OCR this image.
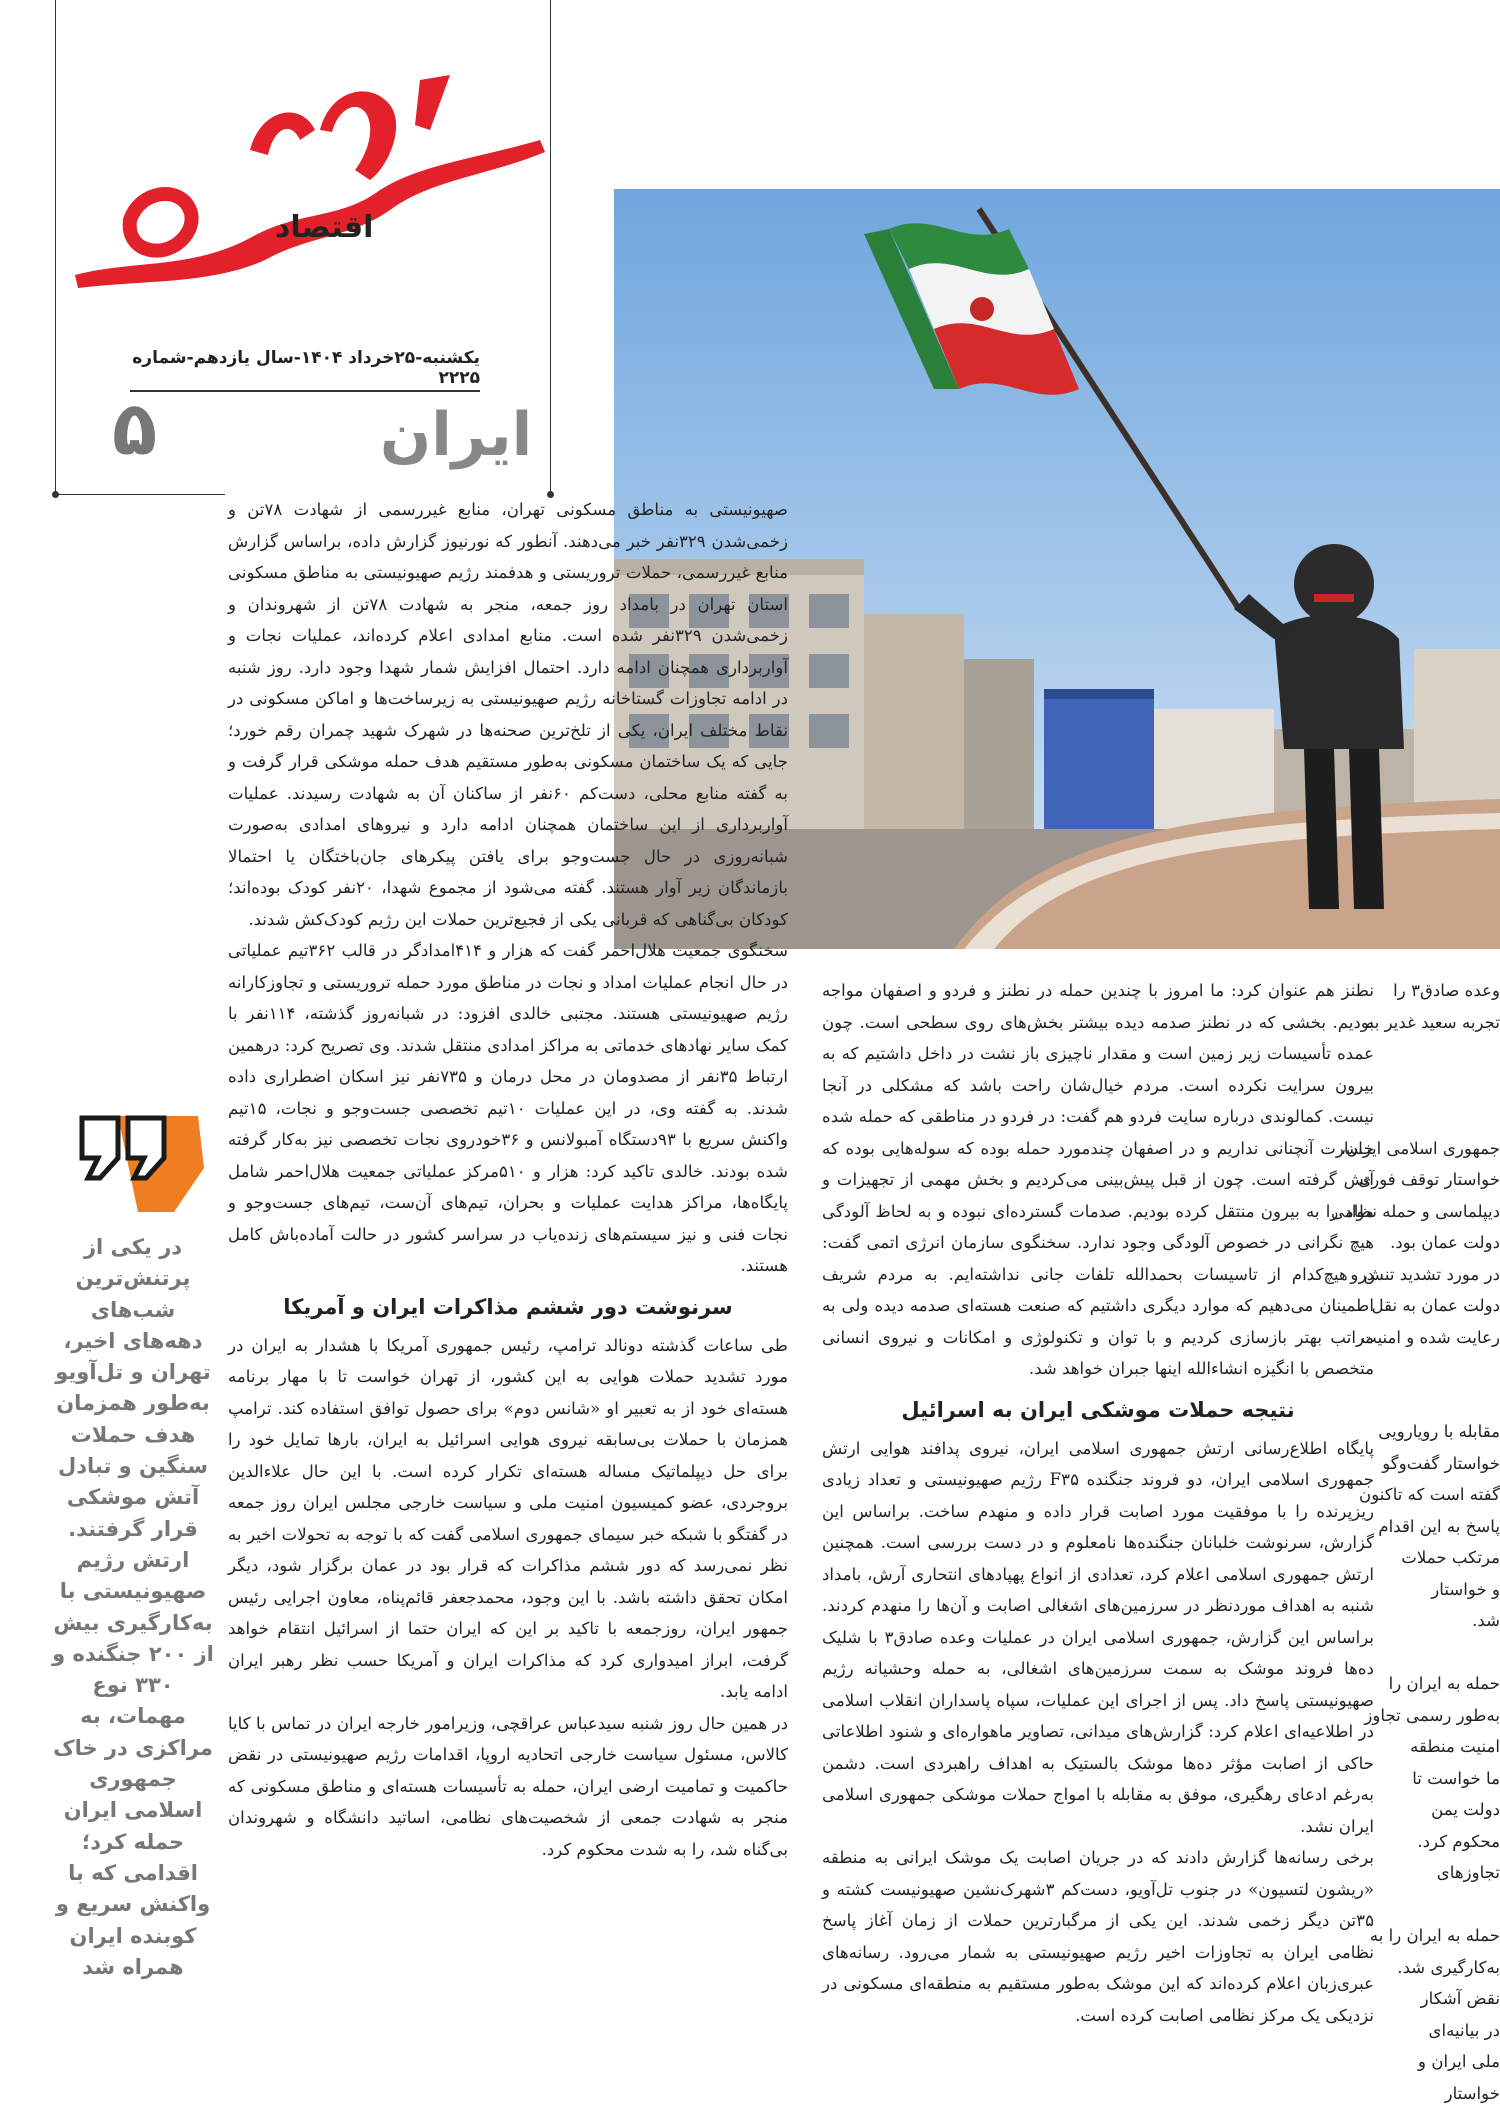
اقتصاد
یکشنبه-۲۵خرداد ۱۴۰۴-سال یازدهم-شماره ۲۲۲۵
۵	ایران

صهیونیستی به مناطق مسکونی تهران، منابع غیررسمی از شهادت ۷۸تن و زخمی‌شدن ۳۲۹نفر خبر می‌دهند. آنطور که نورنیوز گزارش داده، براساس گزارش منابع غیررسمی، حملات تروریستی و هدفمند رژیم صهیونیستی به مناطق مسکونی استان تهران در بامداد روز جمعه، منجر به شهادت ۷۸تن از شهروندان و زخمی‌شدن ۳۲۹نفر شده است. منابع امدادی اعلام کرده‌اند، عملیات نجات و آواربرداری همچنان ادامه دارد. احتمال افزایش شمار شهدا وجود دارد. روز شنبه در ادامه تجاوزات گستاخانه رژیم صهیونیستی به زیرساخت‌ها و اماکن مسکونی در نقاط مختلف ایران، یکی از تلخ‌ترین صحنه‌ها در شهرک شهید چمران رقم خورد؛ جایی که یک ساختمان مسکونی به‌طور مستقیم هدف حمله موشکی قرار گرفت و به گفته منابع محلی، دست‌کم ۶۰نفر از ساکنان آن به شهادت رسیدند. عملیات آواربرداری از این ساختمان همچنان ادامه دارد و نیروهای امدادی به‌صورت شبانه‌روزی در حال جست‌وجو برای یافتن پیکرهای جان‌باختگان یا احتمالا بازماندگان زیر آوار هستند. گفته می‌شود از مجموع شهدا، ۲۰نفر کودک بوده‌اند؛ کودکان بی‌گناهی که قربانی یکی از فجیع‌ترین حملات این رژیم کودک‌کش شدند.

سخنگوی جمعیت هلال‌احمر گفت که هزار و ۴۱۴امدادگر در قالب ۳۶۲تیم عملیاتی در حال انجام عملیات امداد و نجات در مناطق مورد حمله تروریستی و تجاوزکارانه رژیم صهیونیستی هستند. مجتبی خالدی افزود: در شبانه‌روز گذشته، ۱۱۴نفر با کمک سایر نهادهای خدماتی به مراکز امدادی منتقل شدند. وی تصریح کرد: درهمین ارتباط ۳۵نفر از مصدومان در محل درمان و ۷۳۵نفر نیز اسکان اضطراری داده شدند. به گفته وی، در این عملیات ۱۰تیم تخصصی جست‌وجو و نجات، ۱۵تیم واکنش سریع با ۹۳دستگاه آمبولانس و ۳۶خودروی نجات تخصصی نیز به‌کار گرفته شده بودند. خالدی تاکید کرد: هزار و ۵۱۰مرکز عملیاتی جمعیت هلال‌احمر شامل پایگاه‌ها، مراکز هدایت عملیات و بحران، تیم‌های آن‌ست، تیم‌های جست‌وجو و نجات فنی و نیز سیستم‌های زنده‌یاب در سراسر کشور در حالت آماده‌باش کامل هستند.

سرنوشت دور ششم مذاکرات ایران و آمریکا

طی ساعات گذشته دونالد ترامپ، رئیس جمهوری آمریکا با هشدار به ایران در مورد تشدید حملات هوایی به این کشور، از تهران خواست تا با مهار برنامه هسته‌ای خود از به تعبیر او «شانس دوم» برای حصول توافق استفاده کند. ترامپ همزمان با حملات بی‌سابقه نیروی هوایی اسرائیل به ایران، بارها تمایل خود را برای حل دیپلماتیک مساله هسته‌ای تکرار کرده است. با این حال علاءالدین بروجردی، عضو کمیسیون امنیت ملی و سیاست خارجی مجلس ایران روز جمعه در گفتگو با شبکه خبر سیمای جمهوری اسلامی گفت که با توجه به تحولات اخیر به نظر نمی‌رسد که دور ششم مذاکرات که قرار بود در عمان برگزار شود، دیگر امکان تحقق داشته باشد. با این وجود، محمدجعفر قائم‌پناه، معاون اجرایی رئیس جمهور ایران، روزجمعه با تاکید بر این که ایران حتما از اسرائیل انتقام خواهد گرفت، ابراز امیدواری کرد که مذاکرات ایران و آمریکا حسب نظر رهبر ایران ادامه یابد.

در همین حال روز شنبه سیدعباس عراقچی، وزیرامور خارجه ایران در تماس با کایا کالاس، مسئول سیاست خارجی اتحادیه اروپا، اقدامات رژیم صهیونیستی در نقض حاکمیت و تمامیت ارضی ایران، حمله به تأسیسات هسته‌ای و مناطق مسکونی که منجر به شهادت جمعی از شخصیت‌های نظامی، اساتید دانشگاه و شهروندان بی‌گناه شد، را به شدت محکوم کرد.

نطنز هم عنوان کرد: ما امروز با چندین حمله در نطنز و فردو و اصفهان مواجه بودیم. بخشی که در نطنز صدمه دیده بیشتر بخش‌های روی سطحی است. چون عمده تأسیسات زیر زمین است و مقدار ناچیزی باز نشت در داخل داشتیم که به بیرون سرایت نکرده است. مردم خیال‌شان راحت باشد که مشکلی در آنجا نیست. کمالوندی درباره سایت فردو هم گفت: در فردو در مناطقی که حمله شده خسارت آنچنانی نداریم و در اصفهان چندمورد حمله بوده که سوله‌هایی بوده که آتش گرفته است. چون از قبل پیش‌بینی می‌کردیم و بخش مهمی از تجهیزات و مواد را به بیرون منتقل کرده بودیم. صدمات گسترده‌ای نبوده و به لحاظ آلودگی هیچ نگرانی در خصوص آلودگی وجود ندارد. سخنگوی سازمان انرژی اتمی گفت: در هیچ‌کدام از تاسیسات بحمدالله تلفات جانی نداشته‌ایم. به مردم شریف اطمینان می‌دهیم که موارد دیگری داشتیم که صنعت هسته‌ای صدمه دیده ولی به مراتب بهتر بازسازی کردیم و با توان و تکنولوژی و امکانات و نیروی انسانی متخصص با انگیزه انشاءالله اینها جبران خواهد شد.

نتیجه حملات موشکی ایران به اسرائیل

پایگاه اطلاع‌رسانی ارتش جمهوری اسلامی ایران، نیروی پدافند هوایی ارتش جمهوری اسلامی ایران، دو فروند جنگنده F۳۵ رژیم صهیونیستی و تعداد زیادی ریزپرنده را با موفقیت مورد اصابت قرار داده و منهدم ساخت. براساس این گزارش، سرنوشت خلبانان جنگنده‌ها نامعلوم و در دست بررسی است. همچنین ارتش جمهوری اسلامی اعلام کرد، تعدادی از انواع پهپادهای انتحاری آرش، بامداد شنبه به اهداف موردنظر در سرزمین‌های اشغالی اصابت و آن‌ها را منهدم کردند. براساس این گزارش، جمهوری اسلامی ایران در عملیات وعده صادق۳ با شلیک ده‌ها فروند موشک به سمت سرزمین‌های اشغالی، به حمله وحشیانه رژیم صهیونیستی پاسخ داد. پس از اجرای این عملیات، سپاه پاسداران انقلاب اسلامی در اطلاعیه‌ای اعلام کرد: گزارش‌های میدانی، تصاویر ماهواره‌ای و شنود اطلاعاتی حاکی از اصابت مؤثر ده‌ها موشک بالستیک به اهداف راهبردی است. دشمن به‌رغم ادعای رهگیری، موفق به مقابله با امواج حملات موشکی جمهوری اسلامی ایران نشد.

برخی رسانه‌ها گزارش دادند که در جریان اصابت یک موشک ایرانی به منطقه «ریشون لتسیون» در جنوب تل‌آویو، دست‌کم ۳شهرک‌نشین صهیونیست کشته و ۳۵تن دیگر زخمی شدند. این یکی از مرگبارترین حملات از زمان آغاز پاسخ نظامی ایران به تجاوزات اخیر رژیم صهیونیستی به شمار می‌رود. رسانه‌های عبری‌زبان اعلام کرده‌اند که این موشک به‌طور مستقیم به منطقه‌ای مسکونی در نزدیکی یک مرکز نظامی اصابت کرده است.

وعده صادق۳ را
تجربه سعید غدیر به
جمهوری اسلامی ایران،
خواستار توقف فوری
دیپلماسی و حمله نظامی
دولت عمان بود.
در مورد تشدید تنش و
دولت عمان به نقل
رعایت شده و امنیت
مقابله با رویارویی
خواستار گفت‌وگو
گفته است که تاکنون
پاسخ به این اقدام
مرتکب حملات
و خواستار
شد.
حمله به ایران را
به‌طور رسمی تجاوز
امنیت منطقه
ما خواست تا
دولت یمن
محکوم کرد.
تجاوزهای
حمله به ایران را به
به‌کارگیری شد.
نقض آشکار
در بیانیه‌ای
ملی ایران و
خواستار
در یکی از پرتنش‌ترین شب‌های دهه‌های اخیر، تهران و تل‌آویو به‌طور همزمان هدف حملات سنگین و تبادل آتش موشکی قرار گرفتند. ارتش رژیم صهیونیستی با به‌کارگیری بیش از ۲۰۰ جنگنده و ۳۳۰ نوع مهمات، به مراکزی در خاک جمهوری اسلامی ایران حمله کرد؛ اقدامی که با واکنش سریع و کوبنده ایران همراه شد
